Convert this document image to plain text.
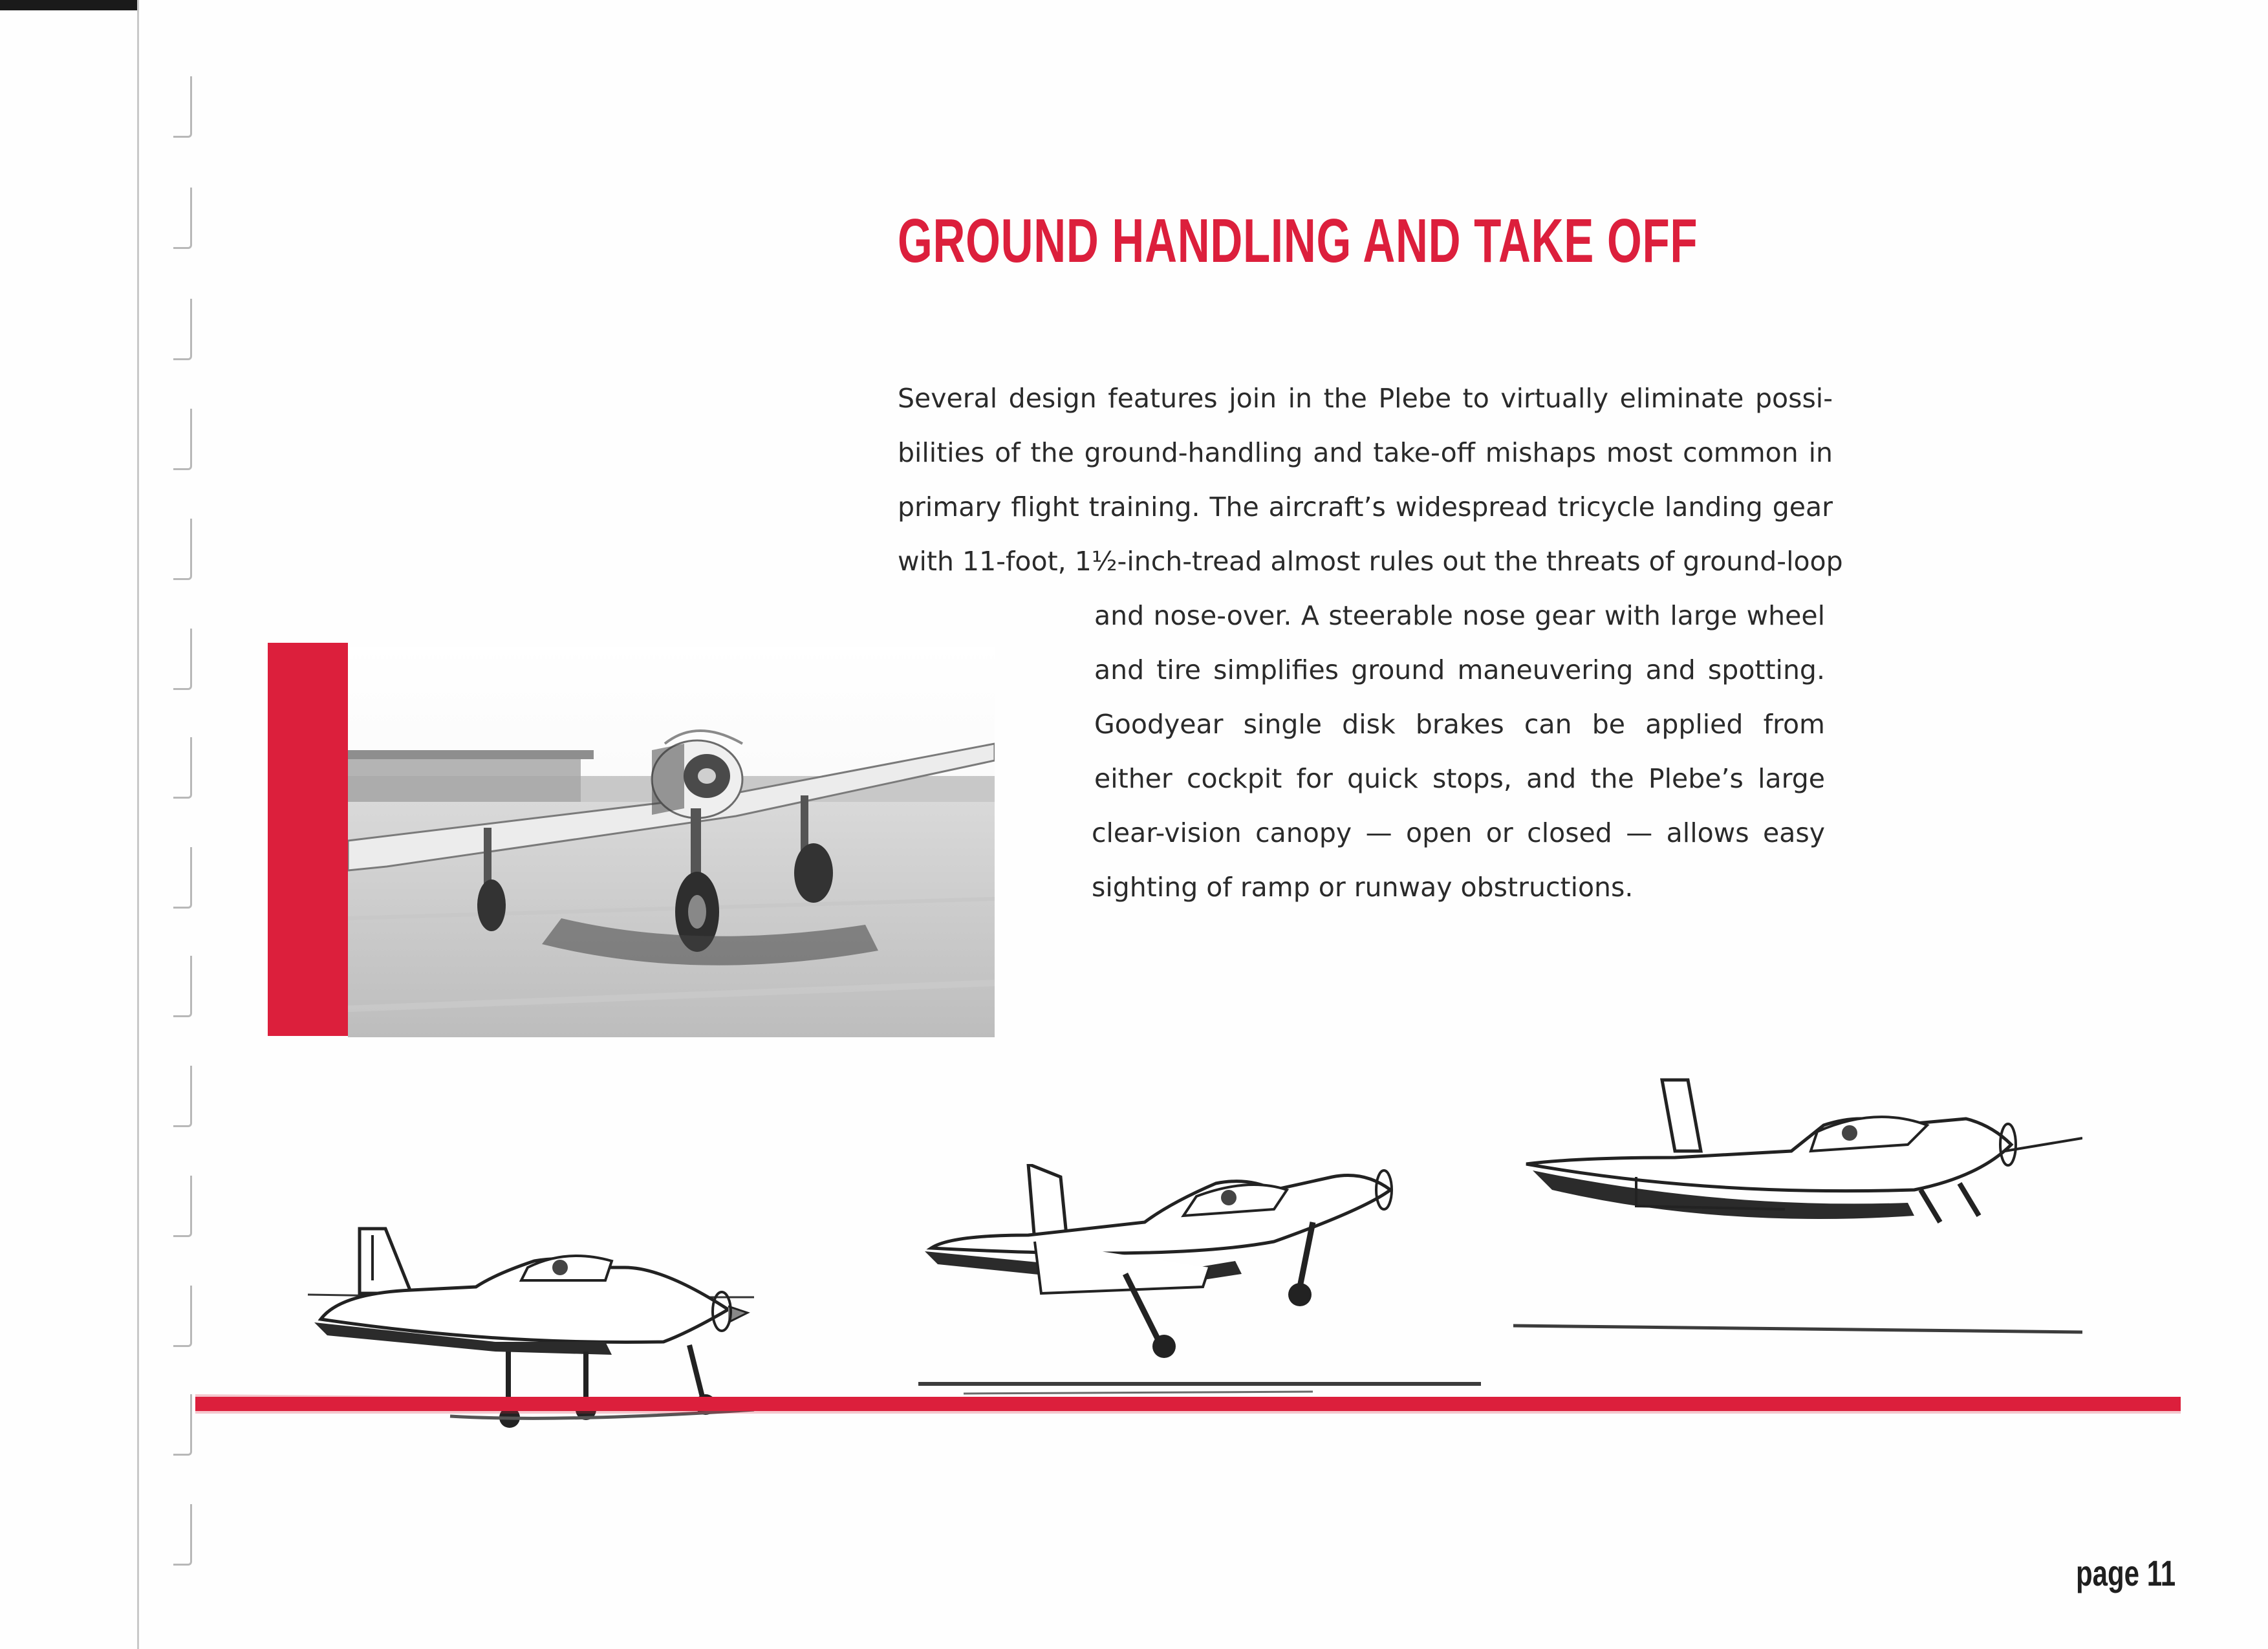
GROUND HANDLING AND TAKE OFF

Several design features join in the Plebe to virtually eliminate possi-

bilities of the ground-handling and take-off mishaps most common in

primary flight training. The aircraft’s widespread tricycle landing gear

with 11-foot, 1½-inch-tread almost rules out the threats of ground-loop

and nose-over. A steerable nose gear with large wheel

and tire simplifies ground maneuvering and spotting.

Goodyear single disk brakes can be applied from

either cockpit for quick stops, and the Plebe’s large

clear-vision canopy — open or closed — allows easy

sighting of ramp or runway obstructions.

page 11
